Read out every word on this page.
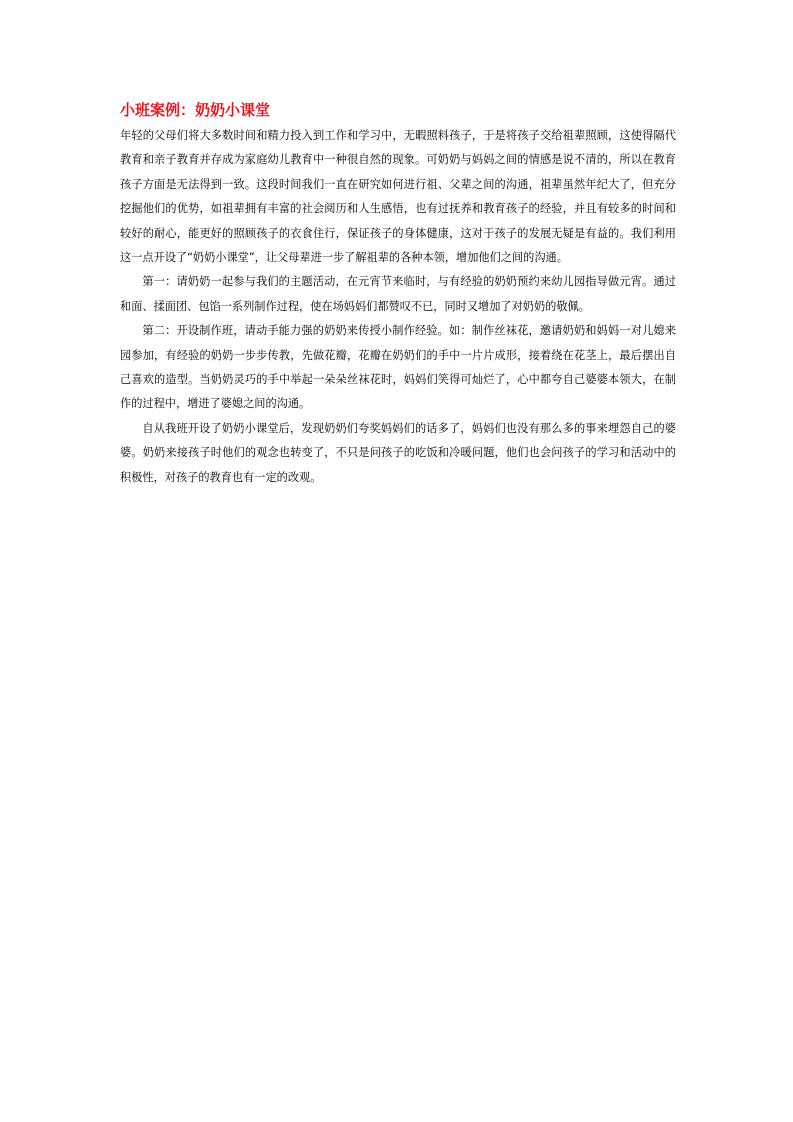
小班案例：奶奶小课堂

年轻的父母们将大多数时间和精力投入到工作和学习中，无暇照料孩子，于是将孩子交给祖辈照顾，这使得隔代教育和亲子教育并存成为家庭幼儿教育中一种很自然的现象。可奶奶与妈妈之间的情感是说不清的，所以在教育孩子方面是无法得到一致。这段时间我们一直在研究如何进行祖、父辈之间的沟通，祖辈虽然年纪大了，但充分挖掘他们的优势，如祖辈拥有丰富的社会阅历和人生感悟，也有过抚养和教育孩子的经验，并且有较多的时间和较好的耐心，能更好的照顾孩子的衣食住行，保证孩子的身体健康，这对于孩子的发展无疑是有益的。我们利用这一点开设了“奶奶小课堂”，让父母辈进一步了解祖辈的各种本领，增加他们之间的沟通。

第一：请奶奶一起参与我们的主题活动，在元宵节来临时，与有经验的奶奶预约来幼儿园指导做元宵。通过和面、揉面团、包馅一系列制作过程，使在场妈妈们都赞叹不已，同时又增加了对奶奶的敬佩。

第二：开设制作班，请动手能力强的奶奶来传授小制作经验。如：制作丝袜花，邀请奶奶和妈妈一对儿媳来园参加，有经验的奶奶一步步传教，先做花瓣，花瓣在奶奶们的手中一片片成形，接着绕在花茎上，最后摆出自己喜欢的造型。当奶奶灵巧的手中举起一朵朵丝袜花时，妈妈们笑得可灿烂了，心中都夸自己婆婆本领大，在制作的过程中，增进了婆媳之间的沟通。

自从我班开设了奶奶小课堂后，发现奶奶们夸奖妈妈们的话多了，妈妈们也没有那么多的事来埋怨自己的婆婆。奶奶来接孩子时他们的观念也转变了，不只是问孩子的吃饭和冷暖问题，他们也会问孩子的学习和活动中的积极性，对孩子的教育也有一定的改观。
